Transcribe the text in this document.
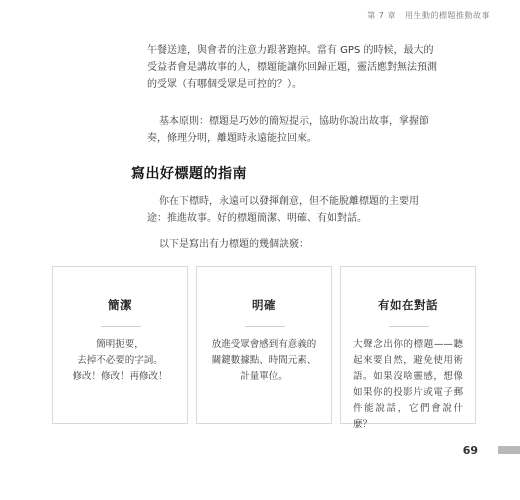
第 7 章 用生動的標題推動故事

午餐送達，與會者的注意力跟著跑掉。當有 GPS 的時候，最大的受益者會是講故事的人，標題能讓你回歸正題，靈活應對無法預測的受眾（有哪個受眾是可控的？）。

基本原則：標題是巧妙的簡短提示，協助你說出故事，掌握節奏，條理分明，離題時永遠能拉回來。

寫出好標題的指南

你在下標時，永遠可以發揮創意，但不能脫離標題的主要用途：推進故事。好的標題簡潔、明確、有如對話。

以下是寫出有力標題的幾個訣竅：

簡潔
簡明扼要，
去掉不必要的字詞。
修改！修改！再修改！
明確
放進受眾會感到有意義的
關鍵數據點、時間元素、
計量單位。
有如在對話
大聲念出你的標題——聽起來要自然，避免使用術語。如果沒啥靈感，想像如果你的投影片或電子郵件能說話，它們會說什麼？
69
